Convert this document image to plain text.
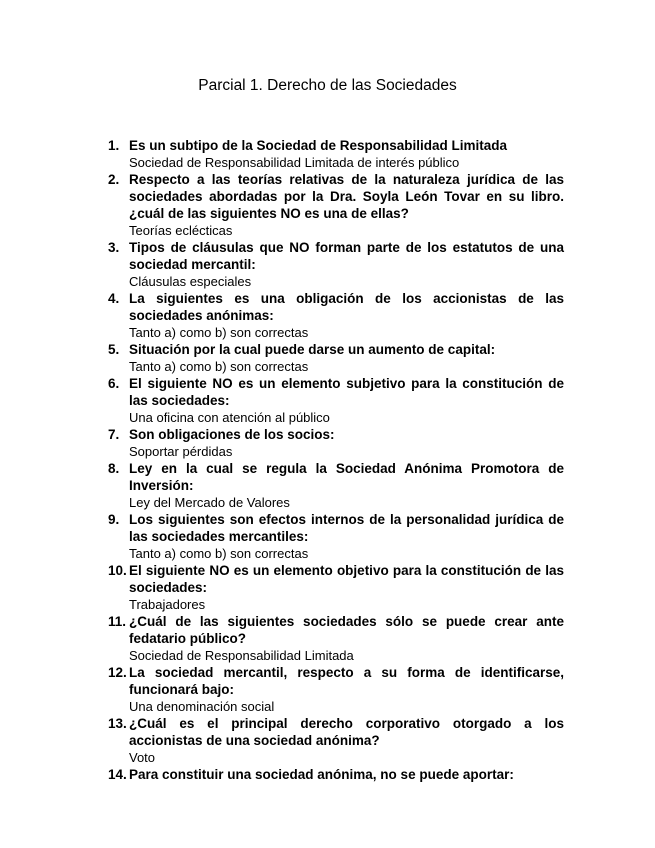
Parcial 1. Derecho de las Sociedades
1. Es un subtipo de la Sociedad de Responsabilidad Limitada
Sociedad de Responsabilidad Limitada de interés público
2. Respecto a las teorías relativas de la naturaleza jurídica de las sociedades abordadas por la Dra. Soyla León Tovar en su libro. ¿cuál de las siguientes NO es una de ellas?
Teorías eclécticas
3. Tipos de cláusulas que NO forman parte de los estatutos de una sociedad mercantil:
Cláusulas especiales
4. La siguientes es una obligación de los accionistas de las sociedades anónimas:
Tanto a) como b) son correctas
5. Situación por la cual puede darse un aumento de capital:
Tanto a) como b) son correctas
6. El siguiente NO es un elemento subjetivo para la constitución de las sociedades:
Una oficina con atención al público
7. Son obligaciones de los socios:
Soportar pérdidas
8. Ley en la cual se regula la Sociedad Anónima Promotora de Inversión:
Ley del Mercado de Valores
9. Los siguientes son efectos internos de la personalidad jurídica de las sociedades mercantiles:
Tanto a) como b) son correctas
10. El siguiente NO es un elemento objetivo para la constitución de las sociedades:
Trabajadores
11. ¿Cuál de las siguientes sociedades sólo se puede crear ante fedatario público?
Sociedad de Responsabilidad Limitada
12. La sociedad mercantil, respecto a su forma de identificarse, funcionará bajo:
Una denominación social
13. ¿Cuál es el principal derecho corporativo otorgado a los accionistas de una sociedad anónima?
Voto
14. Para constituir una sociedad anónima, no se puede aportar:
